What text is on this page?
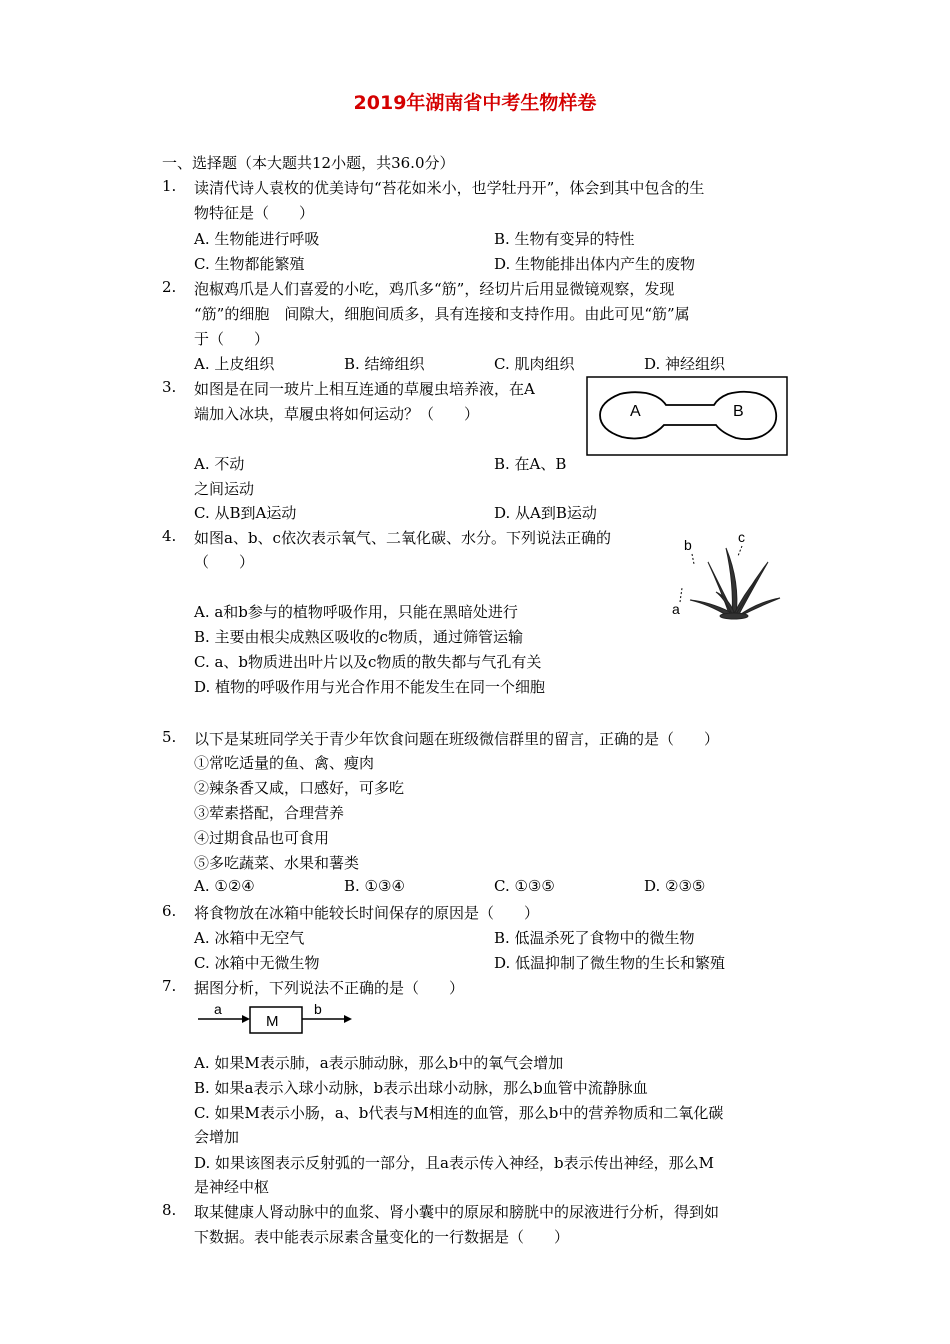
2019年湖南省中考生物样卷
一、选择题（本大题共12小题，共36.0分）
1. 读清代诗人袁枚的优美诗句“苔花如米小，也学牡丹开”，体会到其中包含的生
物特征是（　　）
A. 生物能进行呼吸	B. 生物有变异的特性
C. 生物都能繁殖	D. 生物能排出体内产生的废物
2. 泡椒鸡爪是人们喜爱的小吃，鸡爪多“筋”，经切片后用显微镜观察，发现
“筋”的细胞　间隙大，细胞间质多，具有连接和支持作用。由此可见“筋”属
于（　　）
A. 上皮组织	B. 结缔组织	C. 肌肉组织	D. 神经组织
3. 如图是在同一玻片上相互连通的草履虫培养液，在A
端加入冰块，草履虫将如何运动？（　　）	A	B
A. 不动	B. 在A、B
之间运动
C. 从B到A运动	D. 从A到B运动
4. 如图a、b、c依次表示氧气、二氧化碳、水分。下列说法正确的
（　　）
b	c
a
A. a和b参与的植物呼吸作用，只能在黑暗处进行
B. 主要由根尖成熟区吸收的c物质，通过筛管运输
C. a、b物质进出叶片以及c物质的散失都与气孔有关
D. 植物的呼吸作用与光合作用不能发生在同一个细胞
5. 以下是某班同学关于青少年饮食问题在班级微信群里的留言，正确的是（　　）
①常吃适量的鱼、禽、瘦肉
②辣条香又咸，口感好，可多吃
③荤素搭配，合理营养
④过期食品也可食用
⑤多吃蔬菜、水果和薯类
A. ①②④	B. ①③④	C. ①③⑤	D. ②③⑤
6. 将食物放在冰箱中能较长时间保存的原因是（　　）
A. 冰箱中无空气	B. 低温杀死了食物中的微生物
C. 冰箱中无微生物	D. 低温抑制了微生物的生长和繁殖
7. 据图分析，下列说法不正确的是（　　）
a
M
b
A. 如果M表示肺，a表示肺动脉，那么b中的氧气会增加
B. 如果a表示入球小动脉，b表示出球小动脉，那么b血管中流静脉血
C. 如果M表示小肠，a、b代表与M相连的血管，那么b中的营养物质和二氧化碳
会增加
D. 如果该图表示反射弧的一部分，且a表示传入神经，b表示传出神经，那么M
是神经中枢
8. 取某健康人肾动脉中的血浆、肾小囊中的原尿和膀胱中的尿液进行分析，得到如
下数据。表中能表示尿素含量变化的一行数据是（　　）
